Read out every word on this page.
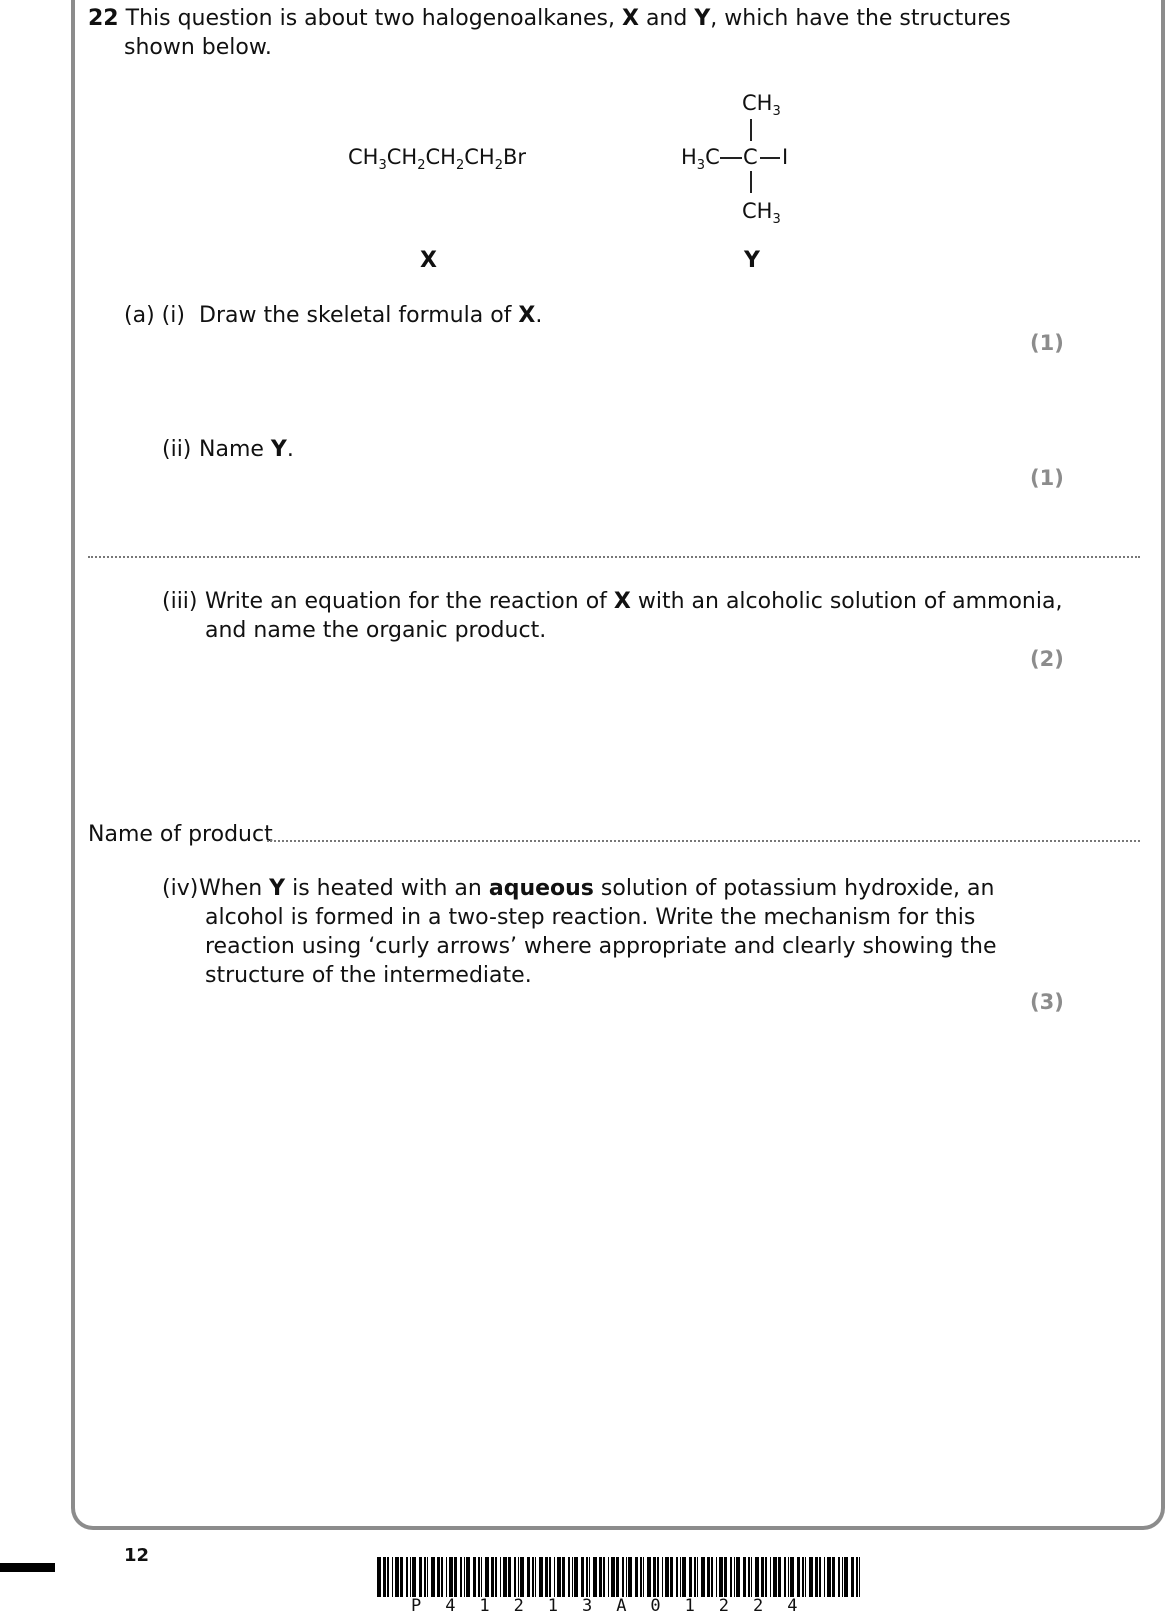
22 This question is about two halogenoalkanes, X and Y, which have the structures
shown below.
$CH_3CH_2CH_2CH_2Br$
X
$CH_3$
$H_3C$ C I
$CH_3$
Y
(a) (i) Draw the skeletal formula of X.
(1)
(ii) Name Y.
(1)
(iii) Write an equation for the reaction of X with an alcoholic solution of ammonia,
and name the organic product.
(2)
Name of product
(iv) When Y is heated with an aqueous solution of potassium hydroxide, an
alcohol is formed in a two-step reaction. Write the mechanism for this
reaction using ‘curly arrows’ where appropriate and clearly showing the
structure of the intermediate.
(3)
12
P 4 1 2 1 3 A 0 1 2 2 4
